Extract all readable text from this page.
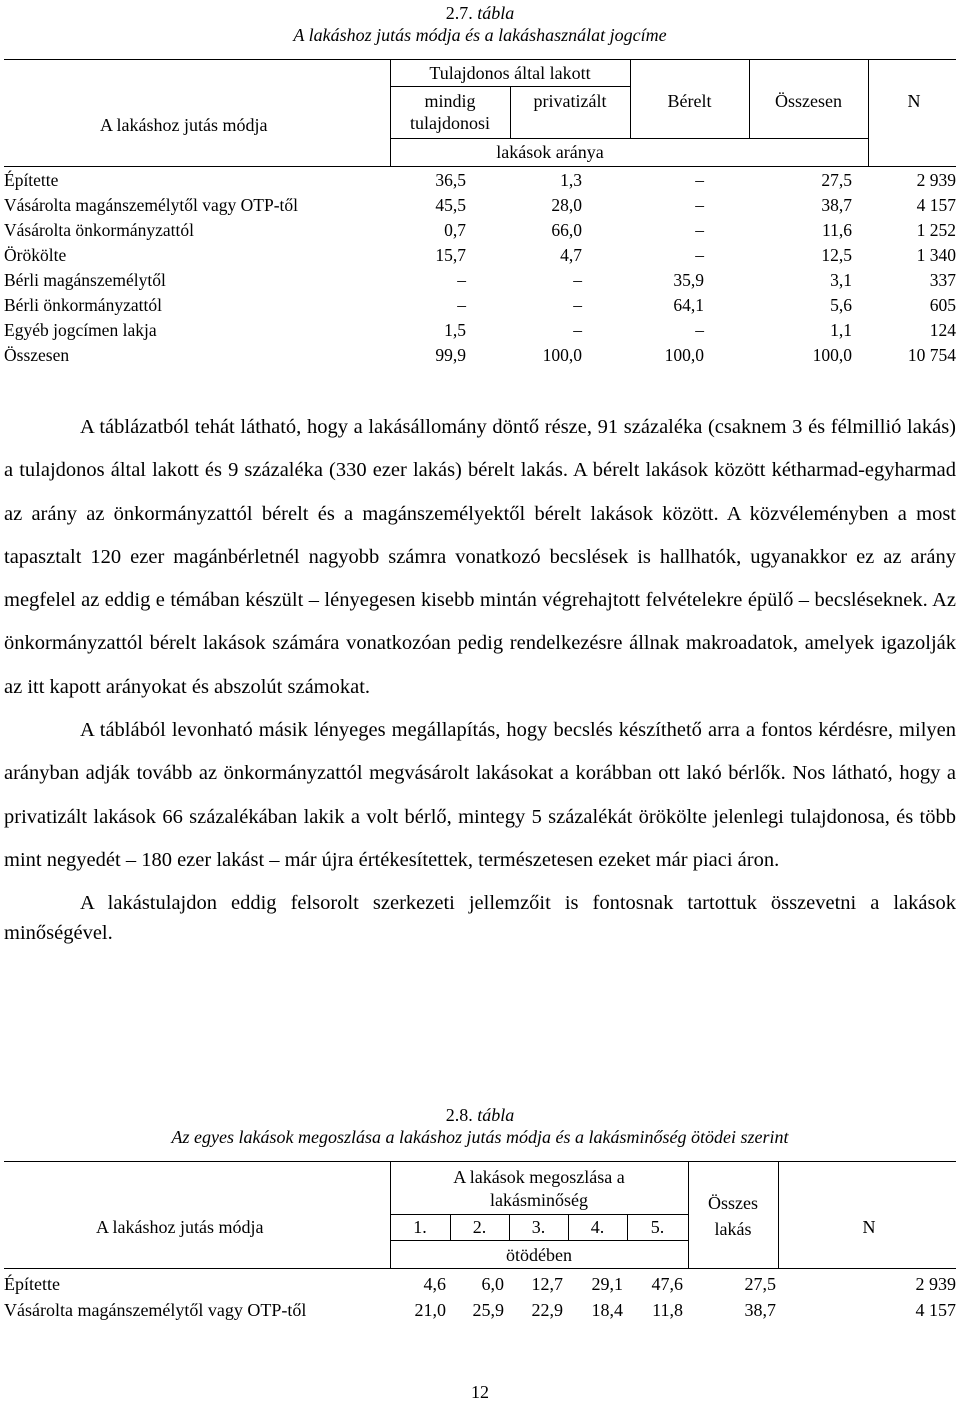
2.7. tábla
A lakáshoz jutás módja és a lakáshasználat jogcíme
A lakáshoz jutás módja
Tulajdonos által lakott
mindig
tulajdonosi
privatizált	Bérelt	Összesen	N
lakások aránya
Építette	36,5	1,3	–	27,5	2 939
Vásárolta magánszemélytől vagy OTP-től	45,5	28,0	–	38,7	4 157
Vásárolta önkormányzattól	0,7	66,0	–	11,6	1 252
Örökölte	15,7	4,7	–	12,5	1 340
Bérli magánszemélytől	–	–	35,9	3,1	337
Bérli önkormányzattól	–	–	64,1	5,6	605
Egyéb jogcímen lakja	1,5	–	–	1,1	124
Összesen	99,9	100,0	100,0	100,0	10 754

A táblázatból tehát látható, hogy a lakásállomány döntő része, 91 százaléka (csaknem 3 és félmillió lakás) a tulajdonos által lakott és 9 százaléka (330 ezer lakás) bérelt lakás. A bérelt lakások között kétharmad-egyharmad az arány az önkormányzattól bérelt és a magánszemélyektől bérelt lakások között. A közvéleményben a most tapasztalt 120 ezer magánbérletnél nagyobb számra vonatkozó becslések is hallhatók, ugyanakkor ez az arány megfelel az eddig e témában készült – lényegesen kisebb mintán végrehajtott felvételekre épülő – becsléseknek. Az önkormányzattól bérelt lakások számára vonatkozóan pedig rendelkezésre állnak makroadatok, amelyek igazolják az itt kapott arányokat és abszolút számokat.

A táblából levonható másik lényeges megállapítás, hogy becslés készíthető arra a fontos kérdésre, milyen arányban adják tovább az önkormányzattól megvásárolt lakásokat a korábban ott lakó bérlők. Nos látható, hogy a privatizált lakások 66 százalékában lakik a volt bérlő, mintegy 5 százalékát örökölte jelenlegi tulajdonosa, és több mint negyedét – 180 ezer lakást – már újra értékesítettek, természetesen ezeket már piaci áron.

A lakástulajdon eddig felsorolt szerkezeti jellemzőit is fontosnak tartottuk összevetni a lakások minőségével.

2.8. tábla
Az egyes lakások megoszlása a lakáshoz jutás módja és a lakásminőség ötödei szerint
A lakáshoz jutás módja
A lakások megoszlása a
lakásminőség
1.	2.	3.	4.	5.
ötödében
Összes
lakás	N
Építette	4,6 6,0 12,7 29,1 47,6	27,5	2 939
Vásárolta magánszemélytől vagy OTP-től	21,0 25,9 22,9 18,4 11,8	38,7	4 157
12
